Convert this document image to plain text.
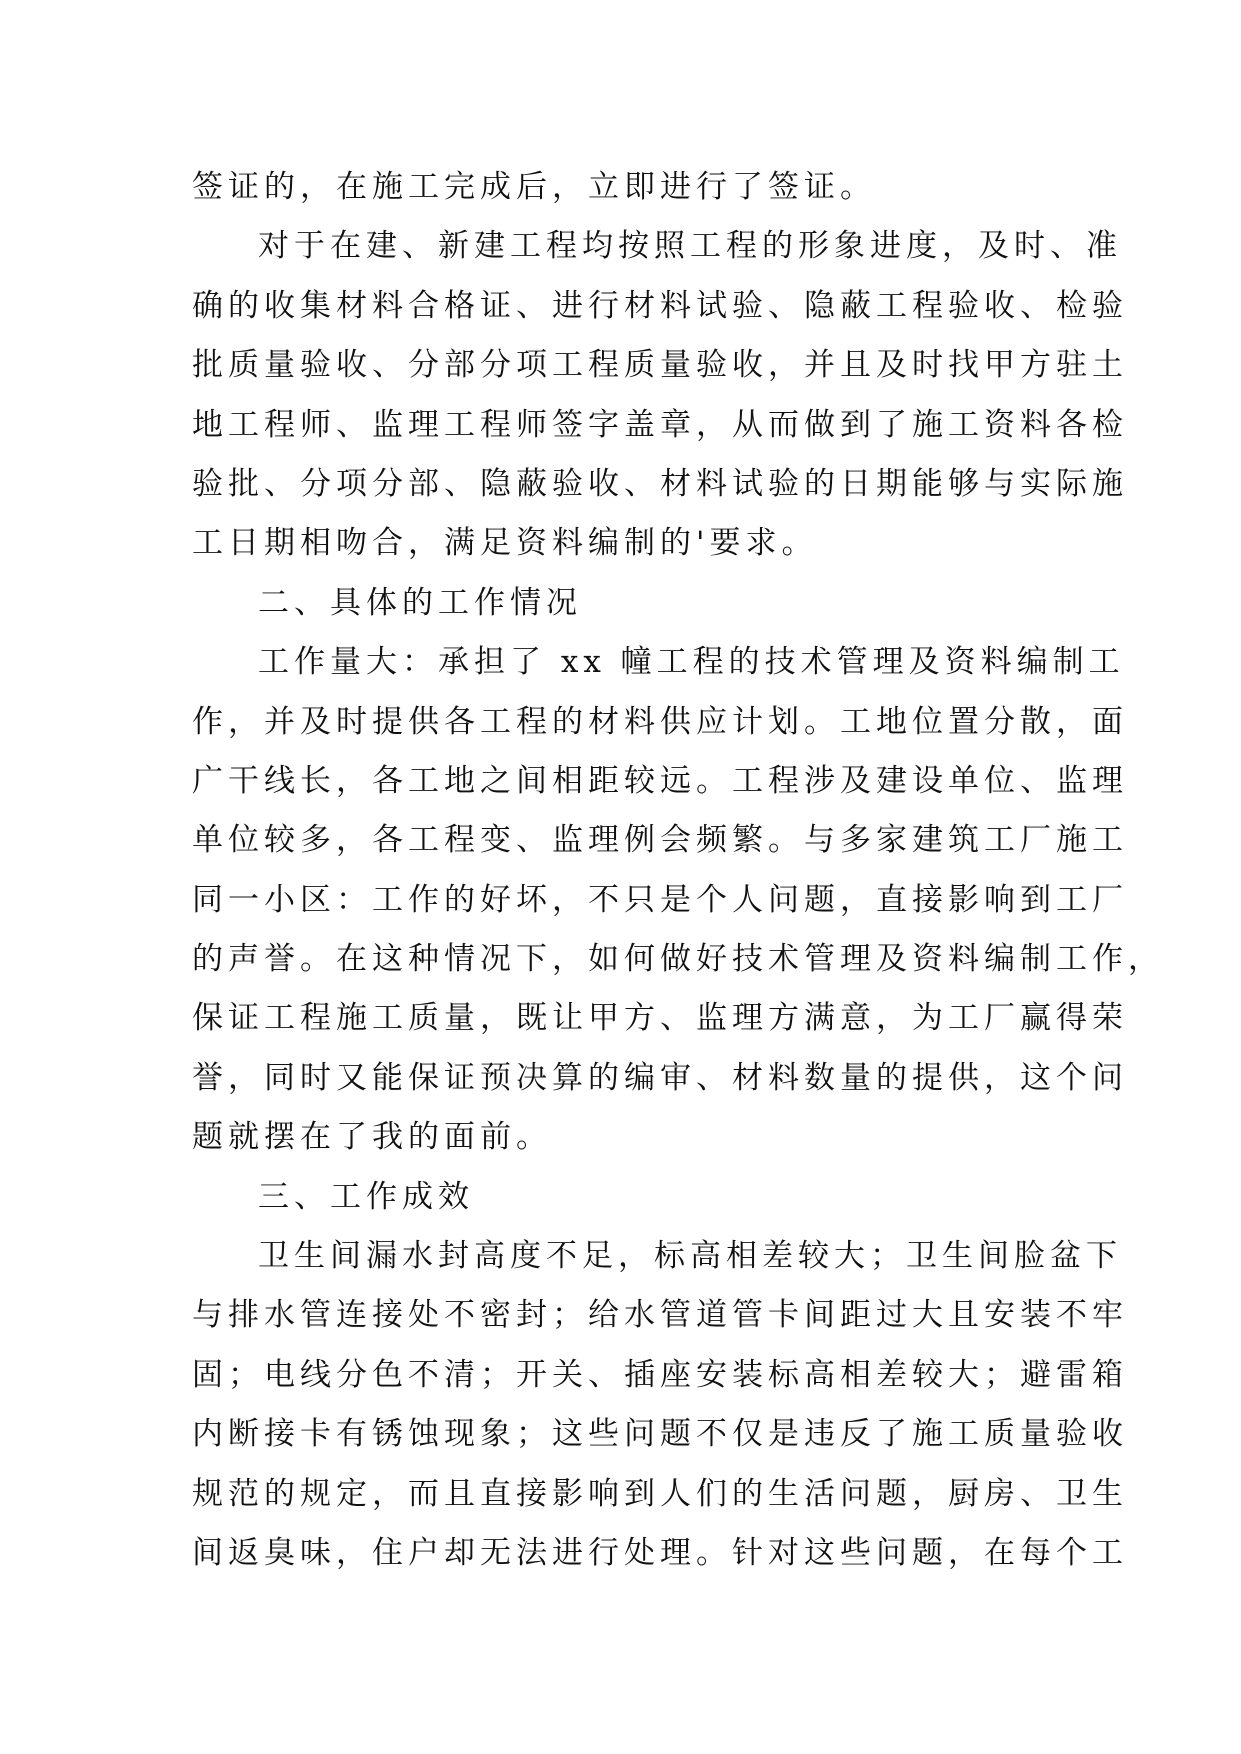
签证的，在施工完成后，立即进行了签证。
对于在建、新建工程均按照工程的形象进度，及时、准
确的收集材料合格证、进行材料试验、隐蔽工程验收、检验
批质量验收、分部分项工程质量验收，并且及时找甲方驻土
地工程师、监理工程师签字盖章，从而做到了施工资料各检
验批、分项分部、隐蔽验收、材料试验的日期能够与实际施
工日期相吻合，满足资料编制的'要求。
二、具体的工作情况
工作量大：承担了 xx 幢工程的技术管理及资料编制工
作，并及时提供各工程的材料供应计划。工地位置分散，面
广干线长，各工地之间相距较远。工程涉及建设单位、监理
单位较多，各工程变、监理例会频繁。与多家建筑工厂施工
同一小区：工作的好坏，不只是个人问题，直接影响到工厂
的声誉。在这种情况下，如何做好技术管理及资料编制工作，
保证工程施工质量，既让甲方、监理方满意，为工厂赢得荣
誉，同时又能保证预决算的编审、材料数量的提供，这个问
题就摆在了我的面前。
三、工作成效
卫生间漏水封高度不足，标高相差较大；卫生间脸盆下
与排水管连接处不密封；给水管道管卡间距过大且安装不牢
固；电线分色不清；开关、插座安装标高相差较大；避雷箱
内断接卡有锈蚀现象；这些问题不仅是违反了施工质量验收
规范的规定，而且直接影响到人们的生活问题，厨房、卫生
间返臭味，住户却无法进行处理。针对这些问题，在每个工
